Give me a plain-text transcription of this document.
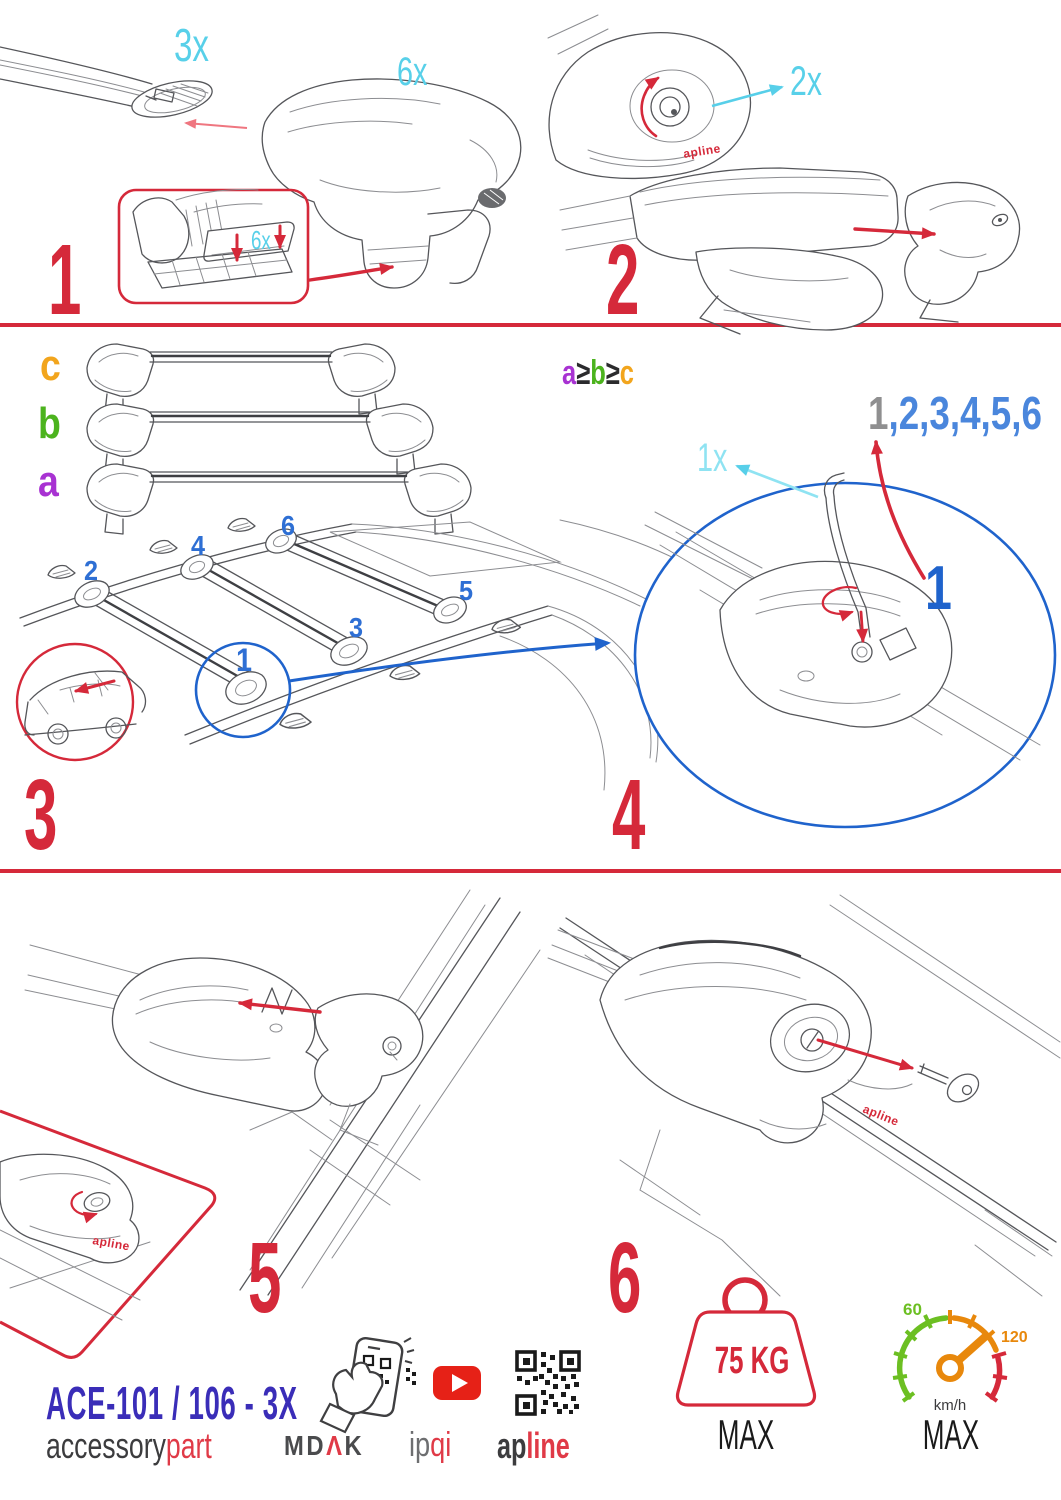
apline
apline
apline
3x
6x
6x
1
2x
2
c
b
a
a≥b≥c
2
4
6
3
5
1
3
1,2,3,4,5,6
1x
1
4
5	6
ACE-101 / 106 - 3X
accessorypart	MDΛK ipqi apline
75 KG
MAX
60
120
km/h
MAX
